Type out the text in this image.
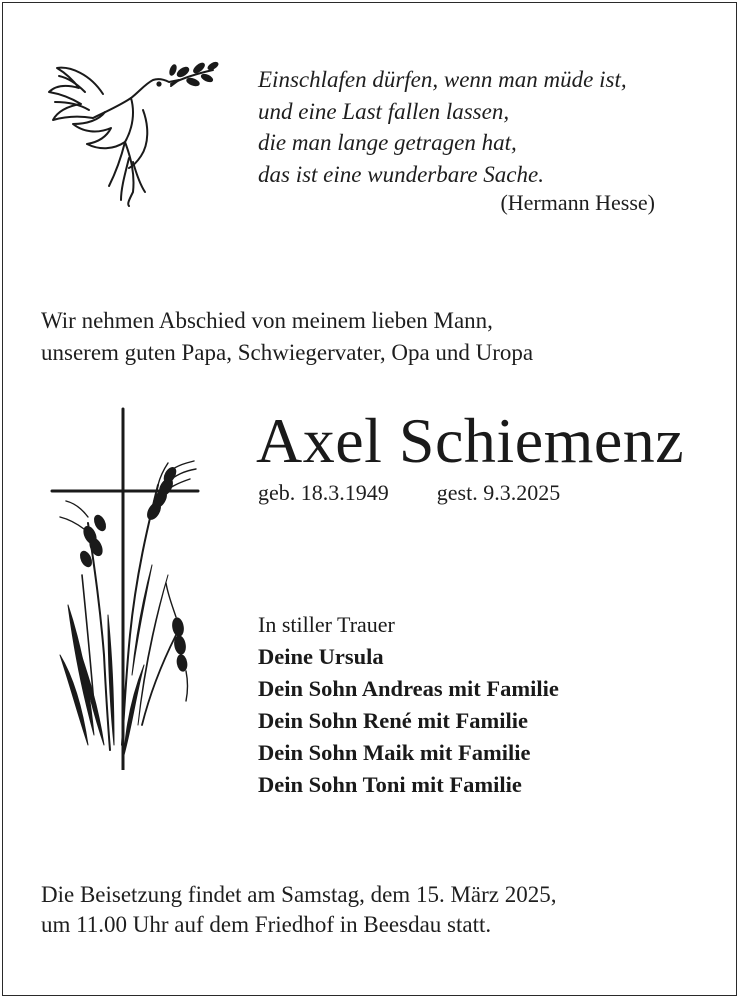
Einschlafen dürfen, wenn man müde ist,
und eine Last fallen lassen,
die man lange getragen hat,
das ist eine wunderbare Sache.
(Hermann Hesse)
Wir nehmen Abschied von meinem lieben Mann,
unserem guten Papa, Schwiegervater, Opa und Uropa
Axel Schiemenz
geb. 18.3.1949 gest. 9.3.2025
In stiller Trauer
Deine Ursula
Dein Sohn Andreas mit Familie
Dein Sohn René mit Familie
Dein Sohn Maik mit Familie
Dein Sohn Toni mit Familie
Die Beisetzung findet am Samstag, dem 15. März 2025,
um 11.00 Uhr auf dem Friedhof in Beesdau statt.
